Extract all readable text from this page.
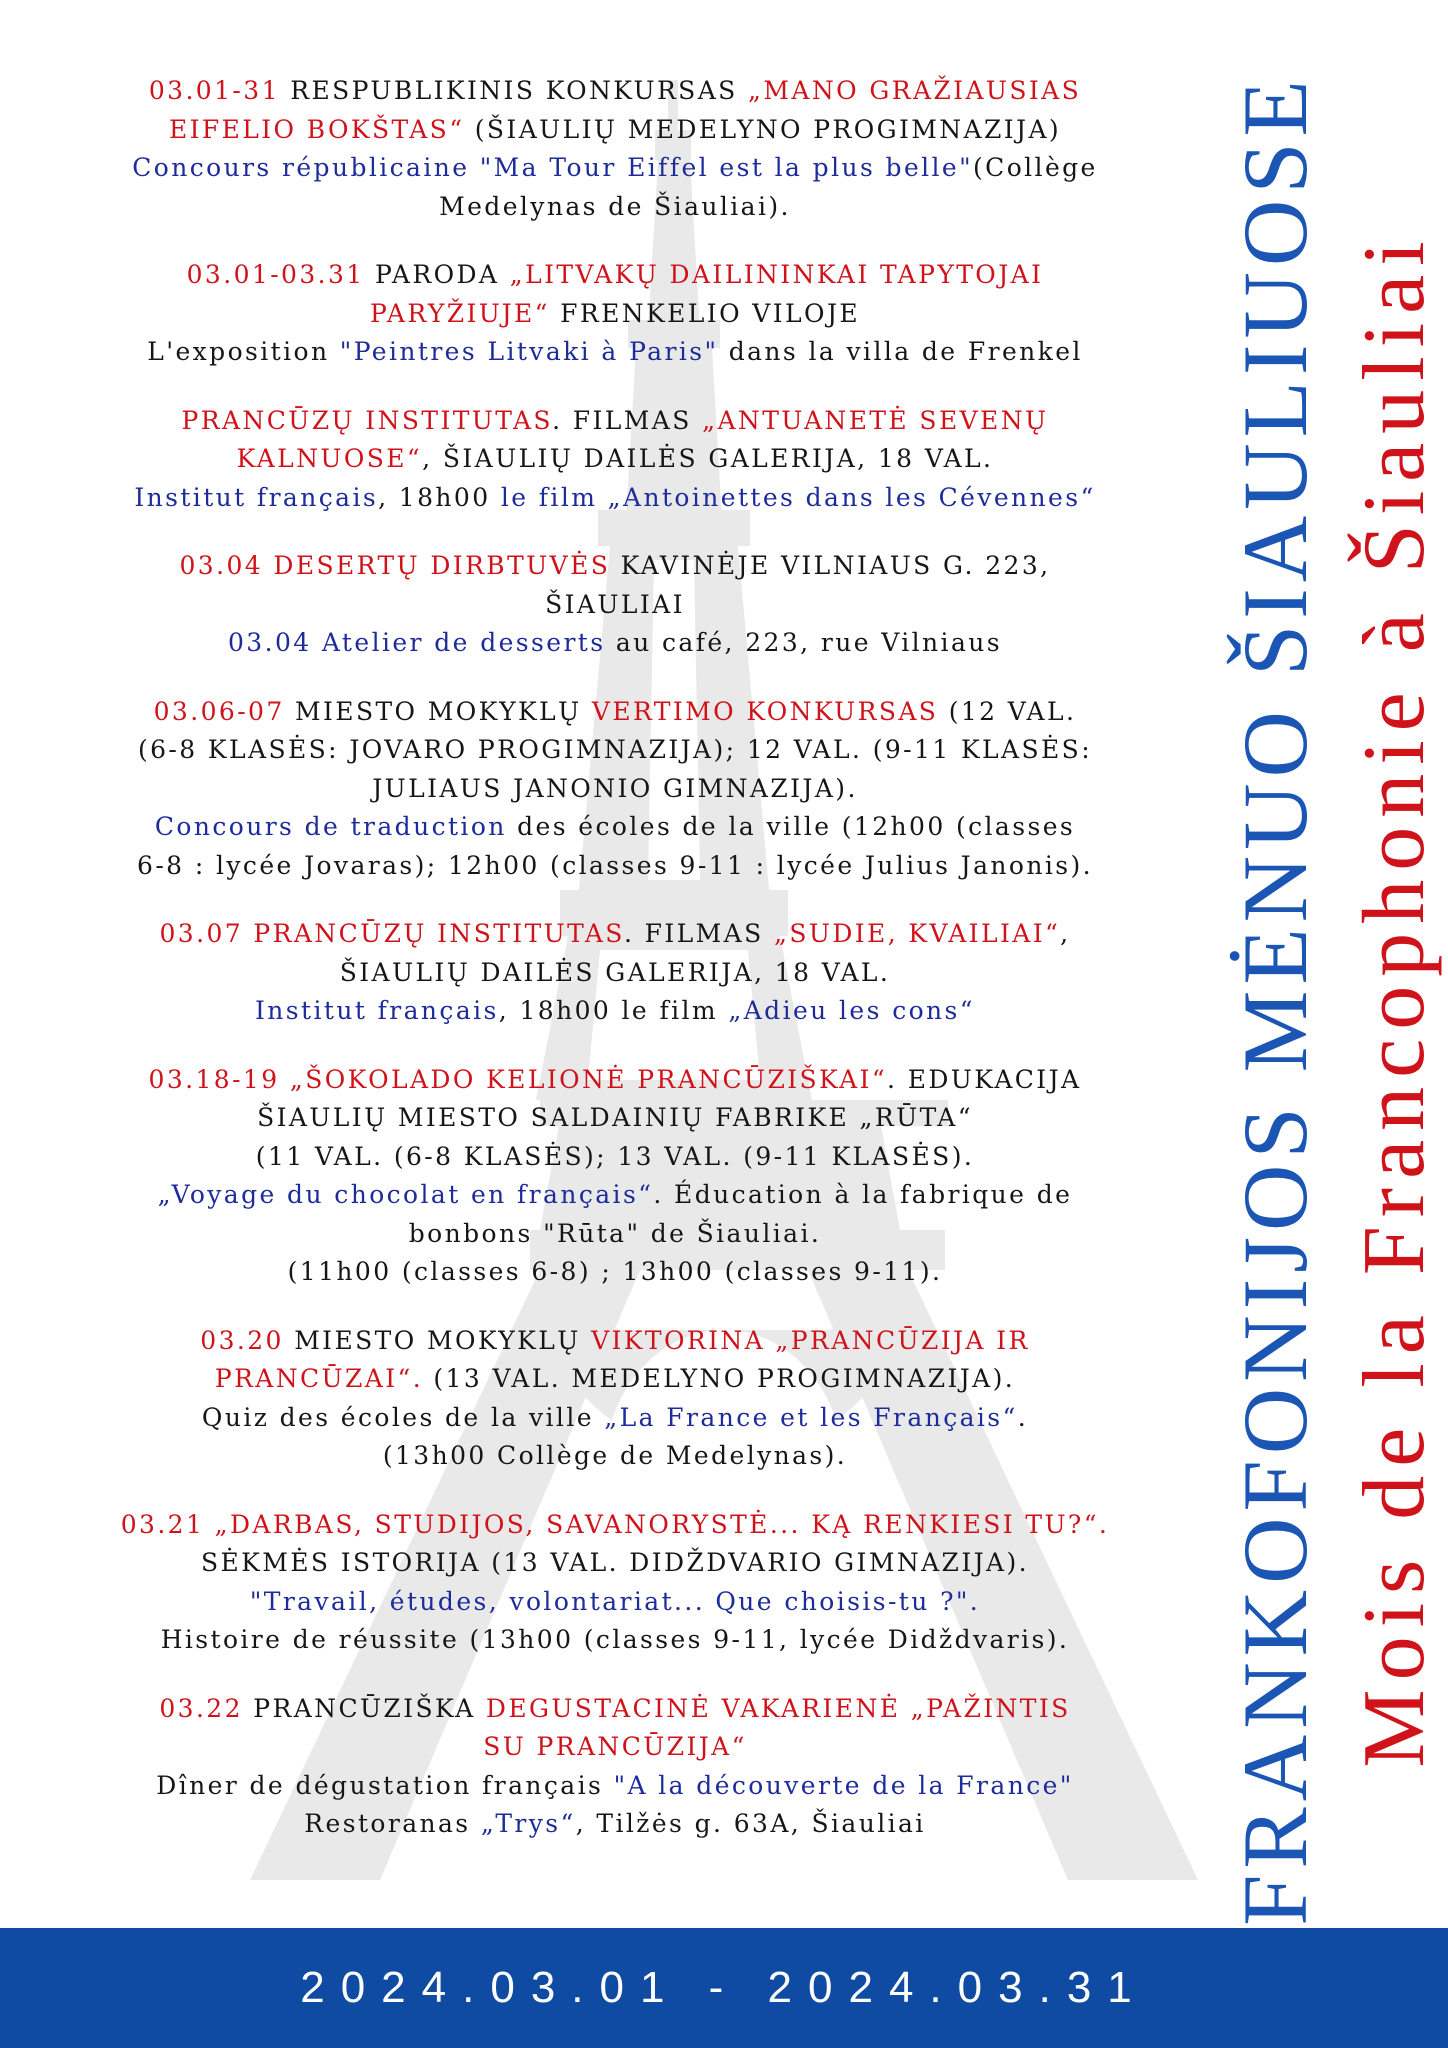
03.01-31 RESPUBLIKINIS KONKURSAS „MANO GRAŽIAUSIAS

EIFELIO BOKŠTAS“ (ŠIAULIŲ MEDELYNO PROGIMNAZIJA)

Concours républicaine "Ma Tour Eiffel est la plus belle"(Collège

Medelynas de Šiauliai).

03.01-03.31 PARODA „LITVAKŲ DAILININKAI TAPYTOJAI

PARYŽIUJE“ FRENKELIO VILOJE

L'exposition "Peintres Litvaki à Paris" dans la villa de Frenkel

PRANCŪZŲ INSTITUTAS. FILMAS „ANTUANETĖ SEVENŲ

KALNUOSE“, ŠIAULIŲ DAILĖS GALERIJA, 18 VAL.

Institut français, 18h00 le film „Antoinettes dans les Cévennes“

03.04 DESERTŲ DIRBTUVĖS KAVINĖJE VILNIAUS G. 223,

ŠIAULIAI

03.04 Atelier de desserts au café, 223, rue Vilniaus

03.06-07 MIESTO MOKYKLŲ VERTIMO KONKURSAS (12 VAL.

(6-8 KLASĖS: JOVARO PROGIMNAZIJA); 12 VAL. (9-11 KLASĖS:

JULIAUS JANONIO GIMNAZIJA).

Concours de traduction des écoles de la ville (12h00 (classes

6-8 : lycée Jovaras); 12h00 (classes 9-11 : lycée Julius Janonis).

03.07 PRANCŪZŲ INSTITUTAS. FILMAS „SUDIE, KVAILIAI“,

ŠIAULIŲ DAILĖS GALERIJA, 18 VAL.

Institut français, 18h00 le film „Adieu les cons“

03.18-19 „ŠOKOLADO KELIONĖ PRANCŪZIŠKAI“. EDUKACIJA

ŠIAULIŲ MIESTO SALDAINIŲ FABRIKE „RŪTA“

(11 VAL. (6-8 KLASĖS); 13 VAL. (9-11 KLASĖS).

„Voyage du chocolat en français“. Éducation à la fabrique de

bonbons "Rūta" de Šiauliai.

(11h00 (classes 6-8) ; 13h00 (classes 9-11).

03.20 MIESTO MOKYKLŲ VIKTORINA „PRANCŪZIJA IR

PRANCŪZAI“. (13 VAL. MEDELYNO PROGIMNAZIJA).

Quiz des écoles de la ville „La France et les Français“.

(13h00 Collège de Medelynas).

03.21 „DARBAS, STUDIJOS, SAVANORYSTĖ... KĄ RENKIESI TU?“.

SĖKMĖS ISTORIJA (13 VAL. DIDŽDVARIO GIMNAZIJA).

"Travail, études, volontariat... Que choisis-tu ?".

Histoire de réussite (13h00 (classes 9-11, lycée Didždvaris).

03.22 PRANCŪZIŠKA DEGUSTACINĖ VAKARIENĖ „PAŽINTIS

SU PRANCŪZIJA“

Dîner de dégustation français "A la découverte de la France"

Restoranas „Trys“, Tilžės g. 63A, Šiauliai	FRANKOFONIJOS MĖNUO ŠIAULIUOSE Mois de la Francophonie à Šiauliai
2024.03.01 - 2024.03.31
